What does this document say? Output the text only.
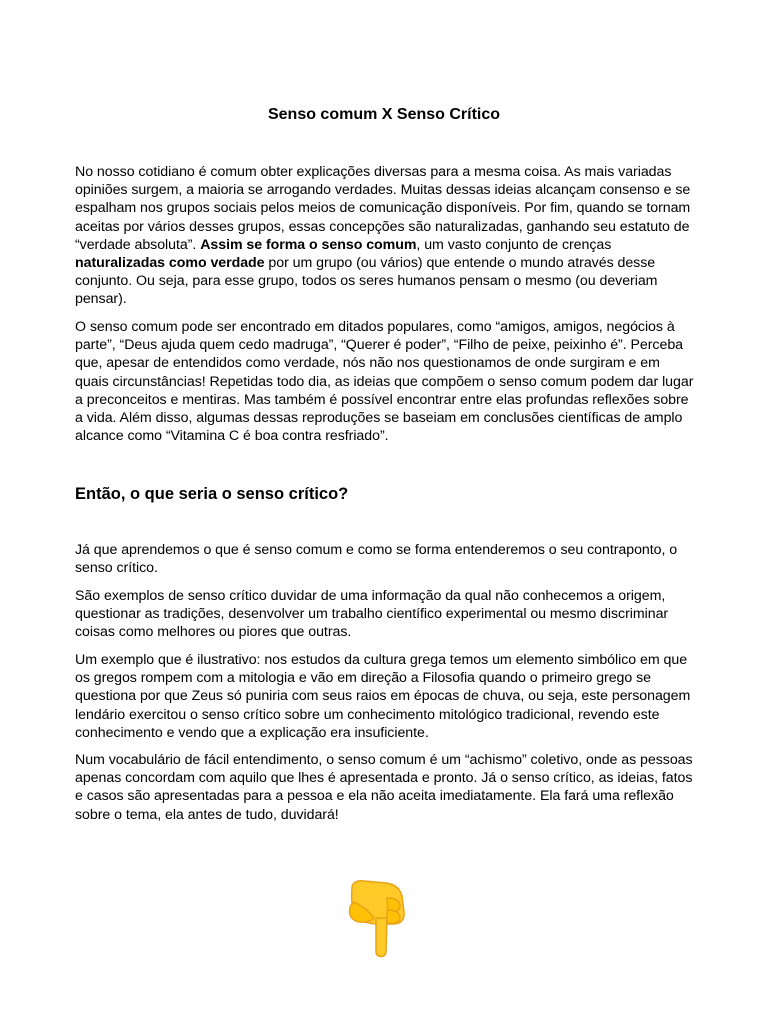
Senso comum X Senso Crítico

No nosso cotidiano é comum obter explicações diversas para a mesma coisa. As mais variadas opiniões surgem, a maioria se arrogando verdades. Muitas dessas ideias alcançam consenso e se espalham nos grupos sociais pelos meios de comunicação disponíveis. Por fim, quando se tornam aceitas por vários desses grupos, essas concepções são naturalizadas, ganhando seu estatuto de “verdade absoluta”. Assim se forma o senso comum, um vasto conjunto de crenças naturalizadas como verdade por um grupo (ou vários) que entende o mundo através desse conjunto. Ou seja, para esse grupo, todos os seres humanos pensam o mesmo (ou deveriam pensar).

O senso comum pode ser encontrado em ditados populares, como “amigos, amigos, negócios à parte”, “Deus ajuda quem cedo madruga”, “Querer é poder”, “Filho de peixe, peixinho é”. Perceba que, apesar de entendidos como verdade, nós não nos questionamos de onde surgiram e em quais circunstâncias! Repetidas todo dia, as ideias que compõem o senso comum podem dar lugar a preconceitos e mentiras. Mas também é possível encontrar entre elas profundas reflexões sobre a vida. Além disso, algumas dessas reproduções se baseiam em conclusões científicas de amplo alcance como “Vitamina C é boa contra resfriado”.

Então, o que seria o senso crítico?

Já que aprendemos o que é senso comum e como se forma entenderemos o seu contraponto, o senso crítico.

São exemplos de senso crítico duvidar de uma informação da qual não conhecemos a origem, questionar as tradições, desenvolver um trabalho científico experimental ou mesmo discriminar coisas como melhores ou piores que outras.

Um exemplo que é ilustrativo: nos estudos da cultura grega temos um elemento simbólico em que os gregos rompem com a mitologia e vão em direção a Filosofia quando o primeiro grego se questiona por que Zeus só puniria com seus raios em épocas de chuva, ou seja, este personagem lendário exercitou o senso crítico sobre um conhecimento mitológico tradicional, revendo este conhecimento e vendo que a explicação era insuficiente.

Num vocabulário de fácil entendimento, o senso comum é um “achismo” coletivo, onde as pessoas apenas concordam com aquilo que lhes é apresentada e pronto. Já o senso crítico, as ideias, fatos e casos são apresentadas para a pessoa e ela não aceita imediatamente. Ela fará uma reflexão sobre o tema, ela antes de tudo, duvidará!
